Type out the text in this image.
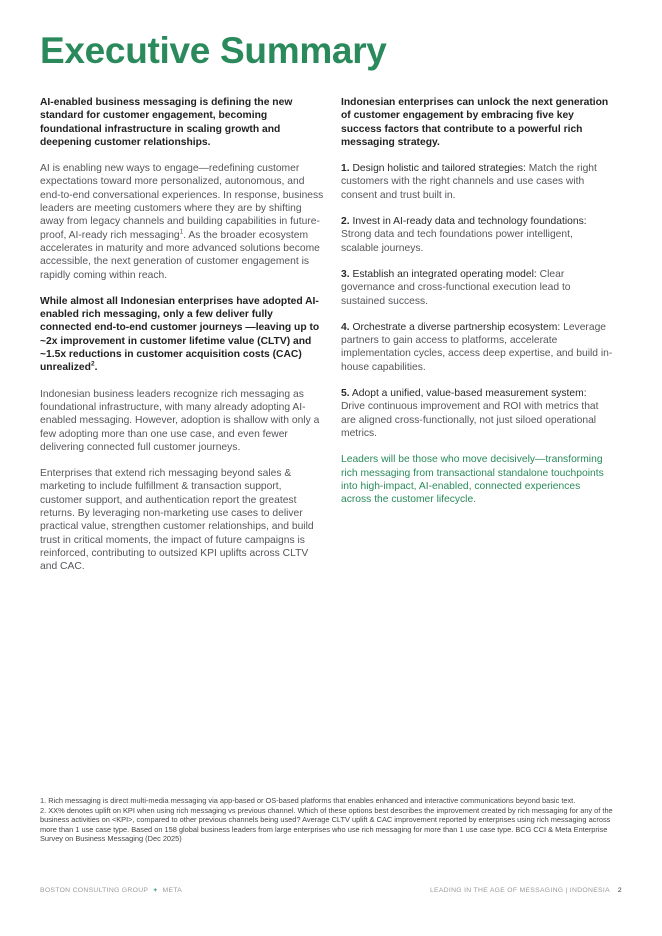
Executive Summary

AI-enabled business messaging is defining the new standard for customer engagement, becoming foundational infrastructure in scaling growth and deepening customer relationships.

AI is enabling new ways to engage—redefining customer expectations toward more personalized, autonomous, and end-to-end conversational experiences. In response, business leaders are meeting customers where they are by shifting away from legacy channels and building capabilities in future-proof, AI-ready rich messaging$^1$. As the broader ecosystem accelerates in maturity and more advanced solutions become accessible, the next generation of customer engagement is rapidly coming within reach.

While almost all Indonesian enterprises have adopted AI-enabled rich messaging, only a few deliver fully connected end-to-end customer journeys —leaving up to ~2x improvement in customer lifetime value (CLTV) and ~1.5x reductions in customer acquisition costs (CAC) unrealized$^2$.

Indonesian business leaders recognize rich messaging as foundational infrastructure, with many already adopting AI-enabled messaging. However, adoption is shallow with only a few adopting more than one use case, and even fewer delivering connected full customer journeys.

Enterprises that extend rich messaging beyond sales & marketing to include fulfillment & transaction support, customer support, and authentication report the greatest returns. By leveraging non-marketing use cases to deliver practical value, strengthen customer relationships, and build trust in critical moments, the impact of future campaigns is reinforced, contributing to outsized KPI uplifts across CLTV and CAC.

Indonesian enterprises can unlock the next generation of customer engagement by embracing five key success factors that contribute to a powerful rich messaging strategy.

1. Design holistic and tailored strategies: Match the right customers with the right channels and use cases with consent and trust built in.
2. Invest in AI-ready data and technology foundations: Strong data and tech foundations power intelligent, scalable journeys.
3. Establish an integrated operating model: Clear governance and cross-functional execution lead to sustained success.
4. Orchestrate a diverse partnership ecosystem: Leverage partners to gain access to platforms, accelerate implementation cycles, access deep expertise, and build in-house capabilities.
5. Adopt a unified, value-based measurement system: Drive continuous improvement and ROI with metrics that are aligned cross-functionally, not just siloed operational metrics.

Leaders will be those who move decisively—transforming rich messaging from transactional standalone touchpoints into high-impact, AI-enabled, connected experiences across the customer lifecycle.

1. Rich messaging is direct multi-media messaging via app-based or OS-based platforms that enables enhanced and interactive communications beyond basic text.

2. XX% denotes uplift on KPI when using rich messaging vs previous channel. Which of these options best describes the improvement created by rich messaging for any of the business activities on <KPI>, compared to other previous channels being used? Average CLTV uplift & CAC improvement reported by enterprises using rich messaging across more than 1 use case type. Based on 158 global business leaders from large enterprises who use rich messaging for more than 1 use case type. BCG CCI & Meta Enterprise Survey on Business Messaging (Dec 2025)

BOSTON CONSULTING GROUP + META	LEADING IN THE AGE OF MESSAGING | INDONESIA 2
